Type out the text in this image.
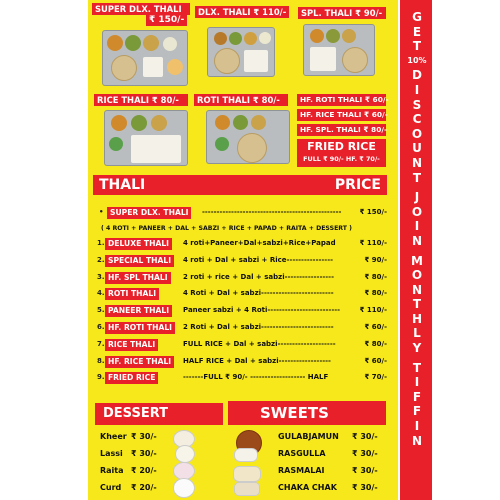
SUPER DLX. THALI
₹ 150/-
DLX. THALI ₹ 110/-	SPL. THALI ₹ 90/-
RICE THALI ₹ 80/-	ROTI THALI ₹ 80/-	HF. ROTI THALI ₹ 60/-
HF. RICE THALI ₹ 60/-
HF. SPL. THALI ₹ 80/-
FRIED RICE
FULL ₹ 90/- HF. ₹ 70/-
THALI	PRICE
• SUPER DLX. THALI	------------------------------------------------	₹ 150/-
( 4 ROTI + PANEER + DAL + SABZI + RICE + PAPAD + RAITA + DESSERT )
1. DELUXE THALI	4 roti+Paneer+Dal+sabzi+Rice+Papad	₹ 110/-
2. SPECIAL THALI	4 roti + Dal + sabzi + Rice----------------	₹ 90/-
3. HF. SPL THALI	2 roti + rice + Dal + sabzi-----------------	₹ 80/-
4. ROTI THALI	4 Roti + Dal + sabzi-------------------------	₹ 80/-
5. PANEER THALI	Paneer sabzi + 4 Roti-------------------------	₹ 110/-
6. HF. ROTI THALI	2 Roti + Dal + sabzi-------------------------	₹ 60/-
7. RICE THALI	FULL RICE + Dal + sabzi--------------------	₹ 80/-
8. HF. RICE THALI	HALF RICE + Dal + sabzi------------------	₹ 60/-
9. FRIED RICE	-------FULL ₹ 90/- ------------------- HALF	₹ 70/-
DESSERT	SWEETS
Kheer ₹ 30/-
Lassi ₹ 30/-
Raita ₹ 20/-
Curd ₹ 20/-
GULABJAMUN ₹ 30/-
RASGULLA	₹ 30/-
RASMALAI	₹ 30/-
CHAKA CHAK ₹ 30/-
G
E
T
10%
D
I
S
C
O
U
N
T
J
O
I
N
M
O
N
T
H
L
Y
T
I
F
F
I
N
